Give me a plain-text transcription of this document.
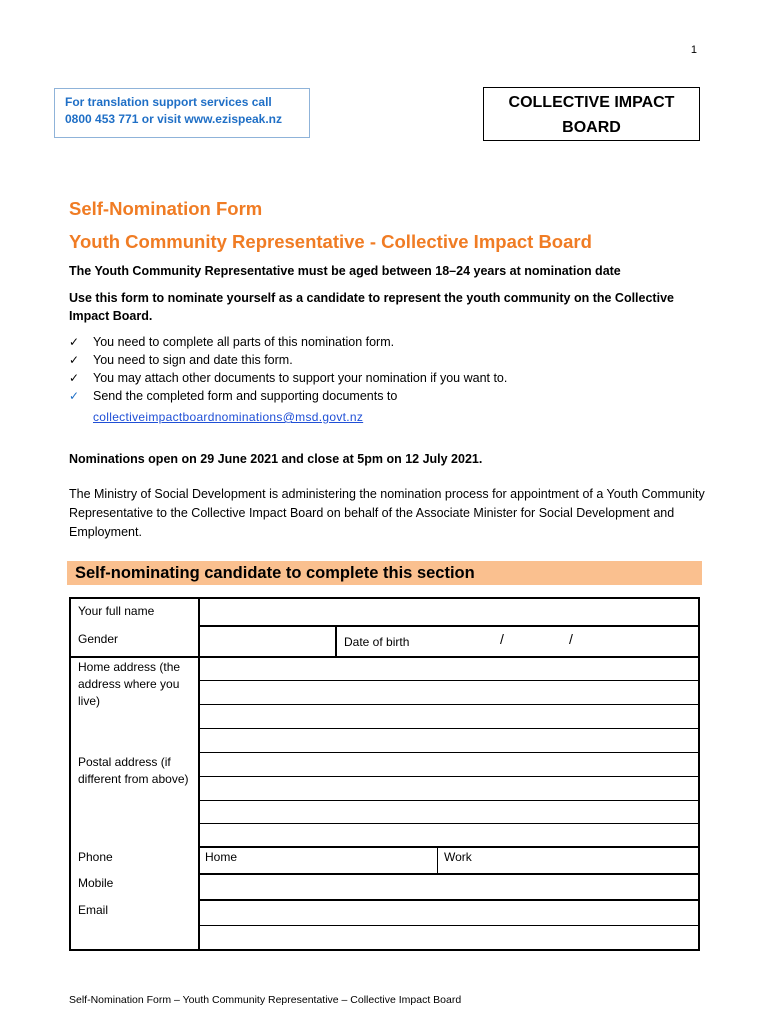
1
For translation support services call
0800 453 771 or visit www.ezispeak.nz
COLLECTIVE IMPACT
BOARD
Self-Nomination Form
Youth Community Representative - Collective Impact Board
The Youth Community Representative must be aged between 18–24 years at nomination date
Use this form to nominate yourself as a candidate to represent the youth community on the Collective Impact Board.
✓ You need to complete all parts of this nomination form.
✓ You need to sign and date this form.
✓ You may attach other documents to support your nomination if you want to.
✓ Send the completed form and supporting documents to
collectiveimpactboardnominations@msd.govt.nz
Nominations open on 29 June 2021 and close at 5pm on 12 July 2021.
The Ministry of Social Development is administering the nomination process for appointment of a Youth Community Representative to the Collective Impact Board on behalf of the Associate Minister for Social Development and Employment.
Self-nominating candidate to complete this section
Your full name
Gender	Date of birth	/	/
Home address (the address where you live)
Postal address (if different from above)
Phone	Home	Work
Mobile
Email
Self-Nomination Form – Youth Community Representative – Collective Impact Board
